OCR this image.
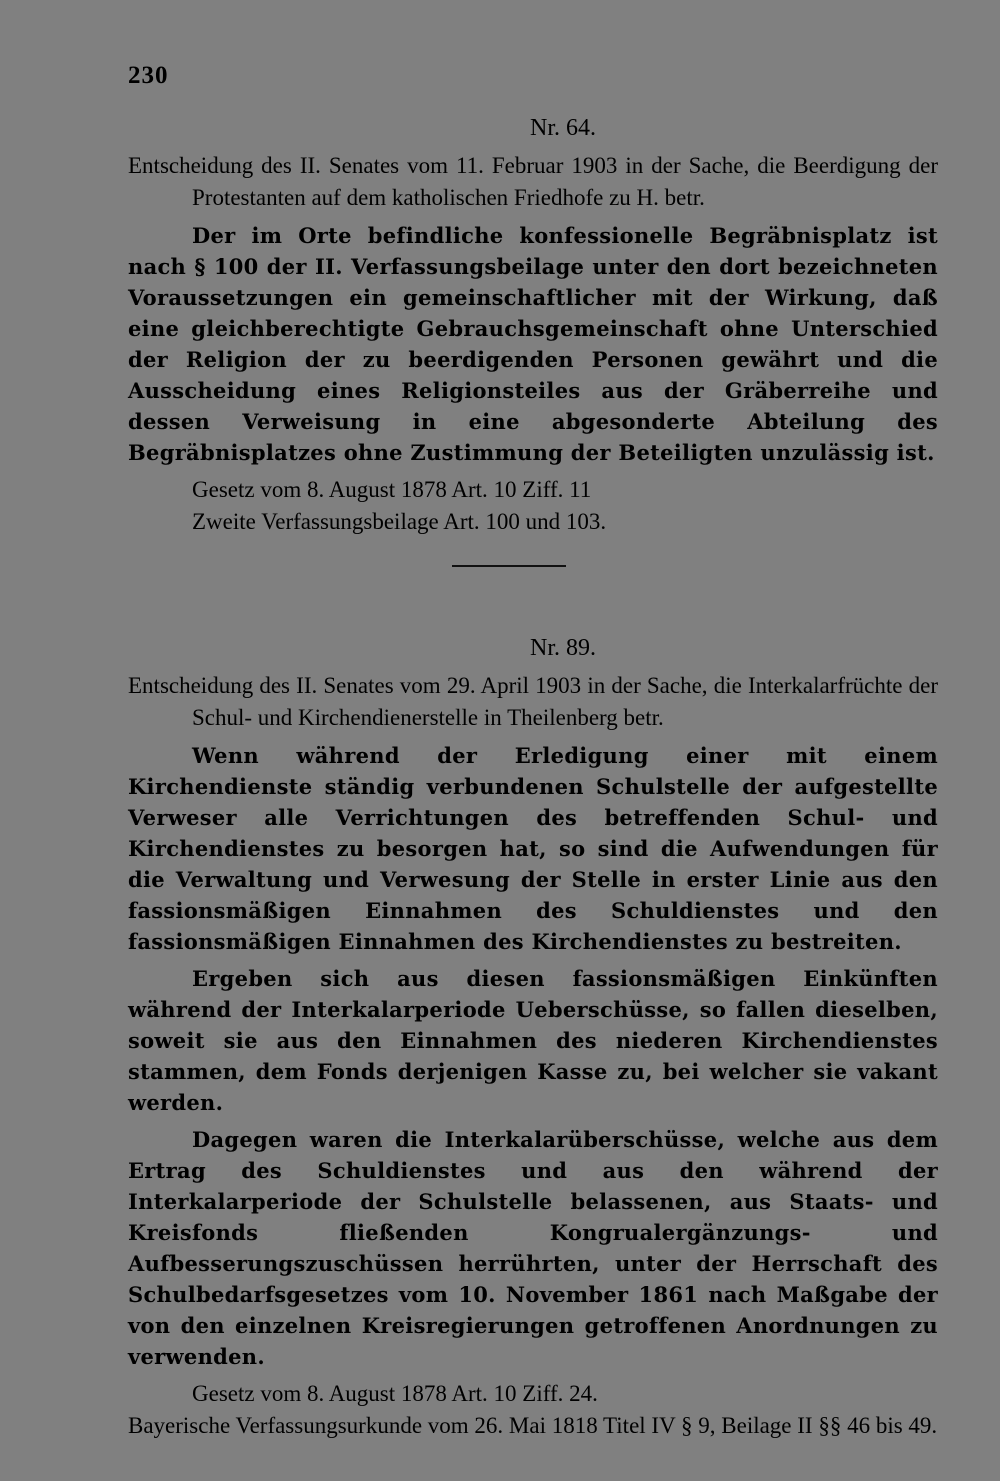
230

Nr. 64.

Entscheidung des II. Senates vom 11. Februar 1903 in der Sache, die Beerdigung der Protestanten auf dem katholischen Friedhofe zu H. betr.

Der im Orte befindliche konfessionelle Begräbnisplatz ist nach § 100 der II. Verfassungsbeilage unter den dort bezeichneten Voraussetzungen ein gemeinschaftlicher mit der Wirkung, daß eine gleichberechtigte Gebrauchsgemeinschaft ohne Unterschied der Religion der zu beerdigenden Personen gewährt und die Ausscheidung eines Religionsteiles aus der Gräberreihe und dessen Verweisung in eine abgesonderte Abteilung des Begräbnisplatzes ohne Zustimmung der Beteiligten unzulässig ist.

Gesetz vom 8. August 1878 Art. 10 Ziff. 11

Zweite Verfassungsbeilage Art. 100 und 103.

Nr. 89.

Entscheidung des II. Senates vom 29. April 1903 in der Sache, die Interkalarfrüchte der Schul- und Kirchendienerstelle in Theilenberg betr.

Wenn während der Erledigung einer mit einem Kirchendienste ständig verbundenen Schulstelle der aufgestellte Verweser alle Verrichtungen des betreffenden Schul- und Kirchendienstes zu besorgen hat, so sind die Aufwendungen für die Verwaltung und Verwesung der Stelle in erster Linie aus den fassionsmäßigen Einnahmen des Schuldienstes und den fassionsmäßigen Einnahmen des Kirchendienstes zu bestreiten.

Ergeben sich aus diesen fassionsmäßigen Einkünften während der Interkalarperiode Ueberschüsse, so fallen dieselben, soweit sie aus den Einnahmen des niederen Kirchendienstes stammen, dem Fonds derjenigen Kasse zu, bei welcher sie vakant werden.

Dagegen waren die Interkalarüberschüsse, welche aus dem Ertrag des Schuldienstes und aus den während der Interkalarperiode der Schulstelle belassenen, aus Staats- und Kreisfonds fließenden Kongrualergänzungs- und Aufbesserungszuschüssen herrührten, unter der Herrschaft des Schulbedarfsgesetzes vom 10. November 1861 nach Maßgabe der von den einzelnen Kreisregierungen getroffenen Anordnungen zu verwenden.

Gesetz vom 8. August 1878 Art. 10 Ziff. 24.

Bayerische Verfassungsurkunde vom 26. Mai 1818 Titel IV § 9, Beilage II §§ 46 bis 49.
